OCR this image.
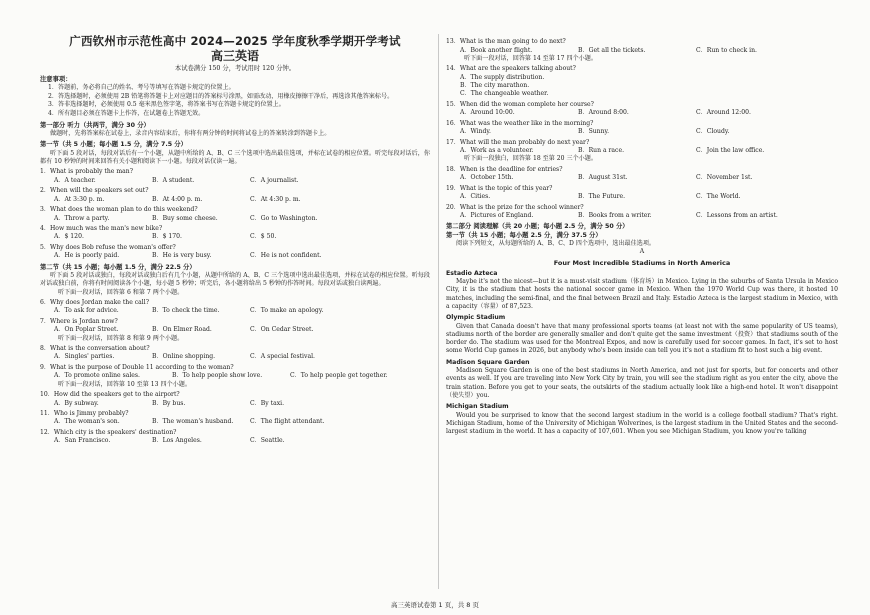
广西钦州市示范性高中 2024—2025 学年度秋季学期开学考试
高三英语
本试卷满分 150 分，考试用时 120 分钟。
注意事项：
1．答题前，务必将自己的姓名、考号等填写在答题卡规定的位置上。
2．答选择题时，必须使用 2B 铅笔将答题卡上对应题目的答案标号涂黑，如需改动，用橡皮擦擦干净后，再选涂其他答案标号。
3．答非选择题时，必须使用 0.5 毫米黑色签字笔，将答案书写在答题卡规定的位置上。
4．所有题目必须在答题卡上作答，在试题卷上答题无效。
第一部分 听力（共两节，满分 30 分）
做题时，先将答案标在试卷上，录音内容结束后，你将有两分钟的时间将试卷上的答案转涂到答题卡上。
第一节（共 5 小题；每小题 1.5 分，满分 7.5 分）
听下面 5 段对话，每段对话后有一个小题，从题中所给的 A、B、C 三个选项中选出最佳选项，并标在试卷的相应位置。听完每段对话后，你都有 10 秒钟的时间来回答有关小题和阅读下一小题。每段对话仅读一遍。
1．What is probably the man?
A．A teacher.	B．A student.	C．A journalist.
2．When will the speakers set out?
A．At 3:30 p. m.	B．At 4:00 p. m.	C．At 4:30 p. m.
3．What does the woman plan to do this weekend?
A．Throw a party.	B．Buy some cheese.	C．Go to Washington.
4．How much was the man's new bike?
A．$ 120.	B．$ 170.	C．$ 50.
5．Why does Bob refuse the woman's offer?
A．He is poorly paid.	B．He is very busy.	C．He is not confident.
第二节（共 15 小题；每小题 1.5 分，满分 22.5 分）
听下面 5 段对话或独白，每段对话或独白后有几个小题，从题中所给的 A、B、C 三个选项中选出最佳选项，并标在试卷的相应位置。听每段对话或独白前，你将有时间阅读各个小题，每小题 5 秒钟；听完后，各小题将给出 5 秒钟的作答时间。每段对话或独白读两遍。
听下面一段对话，回答第 6 和第 7 两个小题。
6．Why does Jordan make the call?
A．To ask for advice.	B．To check the time.	C．To make an apology.
7．Where is Jordan now?
A．On Poplar Street.	B．On Elmer Road.	C．On Cedar Street.
听下面一段对话，回答第 8 和第 9 两个小题。
8．What is the conversation about?
A．Singles' parties.	B．Online shopping.	C．A special festival.
9．What is the purpose of Double 11 according to the woman?
A．To promote online sales.	B．To help people show love.	C．To help people get together.
听下面一段对话，回答第 10 至第 13 四个小题。
10．How did the speakers get to the airport?
A．By subway.	B．By bus.	C．By taxi.
11．Who is Jimmy probably?
A．The woman's son.	B．The woman's husband.	C．The flight attendant.
12．Which city is the speakers' destination?
A．San Francisco.	B．Los Angeles.	C．Seattle.
13．What is the man going to do next?
A．Book another flight.	B．Get all the tickets.	C．Run to check in.
听下面一段对话，回答第 14 至第 17 四个小题。
14．What are the speakers talking about?
A．The supply distribution.
B．The city marathon.
C．The changeable weather.
15．When did the woman complete her course?
A．Around 10:00.	B．Around 8:00.	C．Around 12:00.
16．What was the weather like in the morning?
A．Windy.	B．Sunny.	C．Cloudy.
17．What will the man probably do next year?
A．Work as a volunteer.	B．Run a race.	C．Join the law office.
听下面一段独白，回答第 18 至第 20 三个小题。
18．When is the deadline for entries?
A．October 15th.	B．August 31st.	C．November 1st.
19．What is the topic of this year?
A．Cities.	B．The Future.	C．The World.
20．What is the prize for the school winner?
A．Pictures of England.	B．Books from a writer.	C．Lessons from an artist.
第二部分 阅读理解（共 20 小题；每小题 2.5 分，满分 50 分）
第一节（共 15 小题；每小题 2.5 分，满分 37.5 分）
阅读下列短文，从每题所给的 A、B、C、D 四个选项中，选出最佳选项。
A
Four Most Incredible Stadiums in North America
Estadio Azteca
Maybe it's not the nicest—but it is a must-visit stadium（体育场）in Mexico. Lying in the suburbs of Santa Ursula in Mexico City, it is the stadium that hosts the national soccer game in Mexico. When the 1970 World Cup was there, it hosted 10 matches, including the semi-final, and the final between Brazil and Italy. Estadio Azteca is the largest stadium in Mexico, with a capacity（容量）of 87,523.
Olympic Stadium
Given that Canada doesn't have that many professional sports teams (at least not with the same popularity of US teams), stadiums north of the border are generally smaller and don't quite get the same investment（投资）that stadiums south of the border do. The stadium was used for the Montreal Expos, and now is carefully used for soccer games. In fact, it's set to host some World Cup games in 2026, but anybody who's been inside can tell you it's not a stadium fit to host such a big event.
Madison Square Garden
Madison Square Garden is one of the best stadiums in North America, and not just for sports, but for concerts and other events as well. If you are traveling into New York City by train, you will see the stadium right as you enter the city, above the train station. Before you get to your seats, the outskirts of the stadium actually look like a high-end hotel. It won't disappoint（使失望）you.
Michigan Stadium
Would you be surprised to know that the second largest stadium in the world is a college football stadium? That's right. Michigan Stadium, home of the University of Michigan Wolverines, is the largest stadium in the United States and the second-largest stadium in the world. It has a capacity of 107,601. When you see Michigan Stadium, you know you're talking
高三英语试卷第 1 页，共 8 页
